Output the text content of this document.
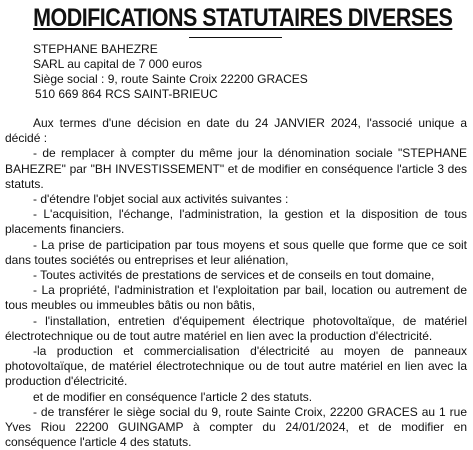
MODIFICATIONS STATUTAIRES DIVERSES
STEPHANE BAHEZRE
SARL au capital de 7 000 euros
Siège social : 9, route Sainte Croix 22200 GRACES
510 669 864 RCS SAINT-BRIEUC

Aux termes d'une décision en date du 24 JANVIER 2024, l'associé unique a décidé :

- de remplacer à compter du même jour la dénomination sociale "STEPHANE BAHEZRE" par "BH INVESTISSEMENT" et de modifier en conséquence l'article 3 des statuts.

- d'étendre l'objet social aux activités suivantes :

- L'acquisition, l'échange, l'administration, la gestion et la disposition de tous placements financiers.

- La prise de participation par tous moyens et sous quelle que forme que ce soit dans toutes sociétés ou entreprises et leur aliénation,

- Toutes activités de prestations de services et de conseils en tout domaine,

- La propriété, l'administration et l'exploitation par bail, location ou autrement de tous meubles ou immeubles bâtis ou non bâtis,

- l'installation, entretien d'équipement électrique photovoltaïque, de matériel électrotechnique ou de tout autre matériel en lien avec la production d'électricité.

-la production et commercialisation d'électricité au moyen de panneaux photovoltaïque, de matériel électrotechnique ou de tout autre matériel en lien avec la production d'électricité.

et de modifier en conséquence l'article 2 des statuts.

- de transférer le siège social du 9, route Sainte Croix, 22200 GRACES au 1 rue Yves Riou 22200 GUINGAMP à compter du 24/01/2024, et de modifier en conséquence l'article 4 des statuts.
